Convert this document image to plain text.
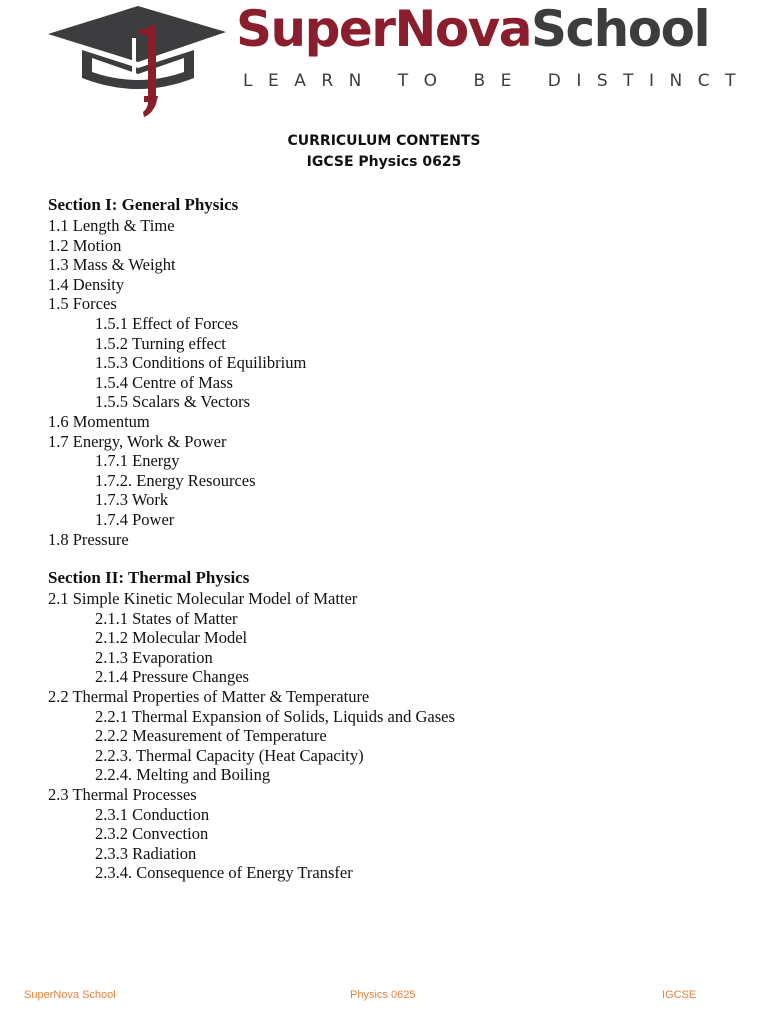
SuperNovaSchool
LEARN TO BE DISTINCT
CURRICULUM CONTENTS
IGCSE Physics 0625
Section I: General Physics
1.1 Length & Time
1.2 Motion
1.3 Mass & Weight
1.4 Density
1.5 Forces
1.5.1 Effect of Forces
1.5.2 Turning effect
1.5.3 Conditions of Equilibrium
1.5.4 Centre of Mass
1.5.5 Scalars & Vectors
1.6 Momentum
1.7 Energy, Work & Power
1.7.1 Energy
1.7.2. Energy Resources
1.7.3 Work
1.7.4 Power
1.8 Pressure
Section II: Thermal Physics
2.1 Simple Kinetic Molecular Model of Matter
2.1.1 States of Matter
2.1.2 Molecular Model
2.1.3 Evaporation
2.1.4 Pressure Changes
2.2 Thermal Properties of Matter & Temperature
2.2.1 Thermal Expansion of Solids, Liquids and Gases
2.2.2 Measurement of Temperature
2.2.3. Thermal Capacity (Heat Capacity)
2.2.4. Melting and Boiling
2.3 Thermal Processes
2.3.1 Conduction
2.3.2 Convection
2.3.3 Radiation
2.3.4. Consequence of Energy Transfer
SuperNova School	Physics 0625	IGCSE
